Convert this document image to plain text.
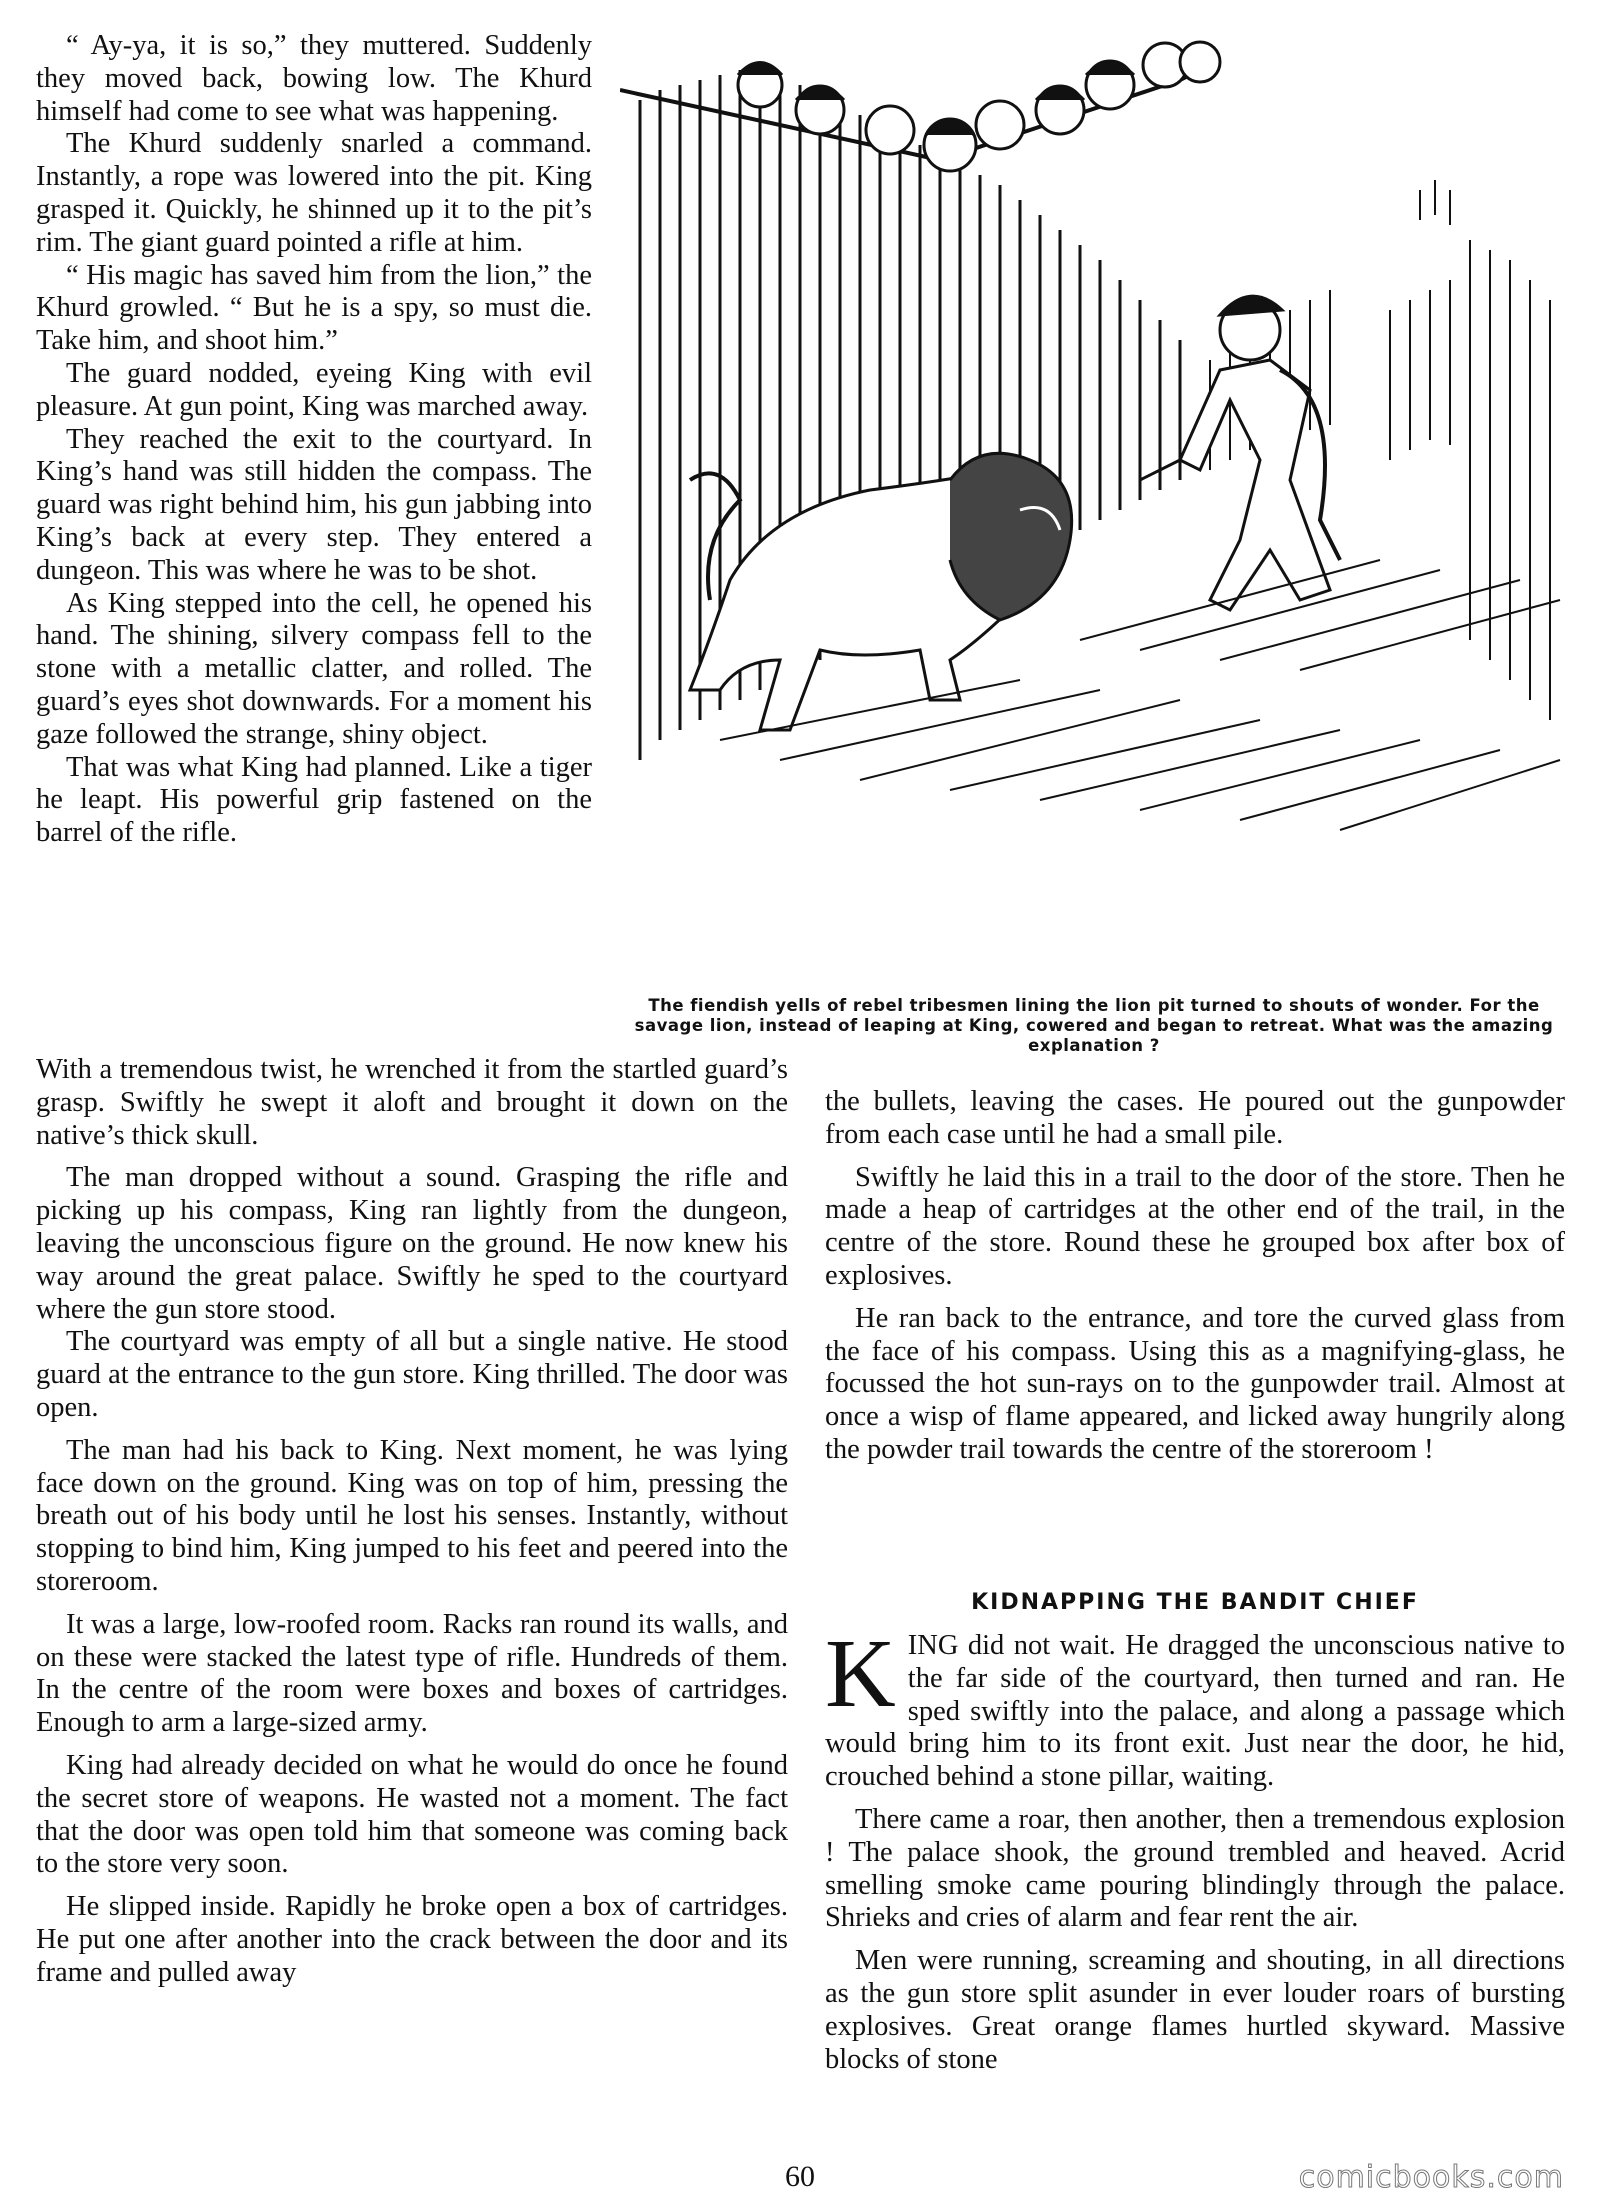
“ Ay-ya, it is so,” they muttered. Suddenly they moved back, bowing low. The Khurd himself had come to see what was happening.

The Khurd suddenly snarled a command. Instantly, a rope was lowered into the pit. King grasped it. Quickly, he shinned up it to the pit’s rim. The giant guard pointed a rifle at him.

“ His magic has saved him from the lion,” the Khurd growled. “ But he is a spy, so must die. Take him, and shoot him.”

The guard nodded, eyeing King with evil pleasure. At gun point, King was marched away.

They reached the exit to the courtyard. In King’s hand was still hidden the compass. The guard was right behind him, his gun jabbing into King’s back at every step. They entered a dungeon. This was where he was to be shot.

As King stepped into the cell, he opened his hand. The shining, silvery compass fell to the stone with a metallic clatter, and rolled. The guard’s eyes shot downwards. For a moment his gaze followed the strange, shiny object.

That was what King had planned. Like a tiger he leapt. His powerful grip fastened on the barrel of the rifle.

The fiendish yells of rebel tribesmen lining the lion pit turned to shouts of wonder. For the savage lion, instead of leaping at King, cowered and began to retreat. What was the amazing explanation ?

With a tremendous twist, he wrenched it from the startled guard’s grasp. Swiftly he swept it aloft and brought it down on the native’s thick skull.

The man dropped without a sound. Grasping the rifle and picking up his compass, King ran lightly from the dungeon, leaving the unconscious figure on the ground. He now knew his way around the great palace. Swiftly he sped to the courtyard where the gun store stood.

The courtyard was empty of all but a single native. He stood guard at the entrance to the gun store. King thrilled. The door was open.

The man had his back to King. Next moment, he was lying face down on the ground. King was on top of him, pressing the breath out of his body until he lost his senses. Instantly, without stopping to bind him, King jumped to his feet and peered into the storeroom.

It was a large, low-roofed room. Racks ran round its walls, and on these were stacked the latest type of rifle. Hundreds of them. In the centre of the room were boxes and boxes of cartridges. Enough to arm a large-sized army.

King had already decided on what he would do once he found the secret store of weapons. He wasted not a moment. The fact that the door was open told him that someone was coming back to the store very soon.

He slipped inside. Rapidly he broke open a box of cartridges. He put one after another into the crack between the door and its frame and pulled away

the bullets, leaving the cases. He poured out the gunpowder from each case until he had a small pile.

Swiftly he laid this in a trail to the door of the store. Then he made a heap of cartridges at the other end of the trail, in the centre of the store. Round these he grouped box after box of explosives.

He ran back to the entrance, and tore the curved glass from the face of his compass. Using this as a magnifying-glass, he focussed the hot sun-rays on to the gunpowder trail. Almost at once a wisp of flame appeared, and licked away hungrily along the powder trail towards the centre of the storeroom !

KIDNAPPING THE BANDIT CHIEF

K ING did not wait. He dragged the unconscious native to the far side of the courtyard, then turned and ran. He sped swiftly into the palace, and along a passage which would bring him to its front exit. Just near the door, he hid, crouched behind a stone pillar, waiting.

There came a roar, then another, then a tremendous explosion ! The palace shook, the ground trembled and heaved. Acrid smelling smoke came pouring blindingly through the palace. Shrieks and cries of alarm and fear rent the air.

Men were running, screaming and shouting, in all directions as the gun store split asunder in ever louder roars of bursting explosives. Great orange flames hurtled skyward. Massive blocks of stone

60	comicbooks.com
